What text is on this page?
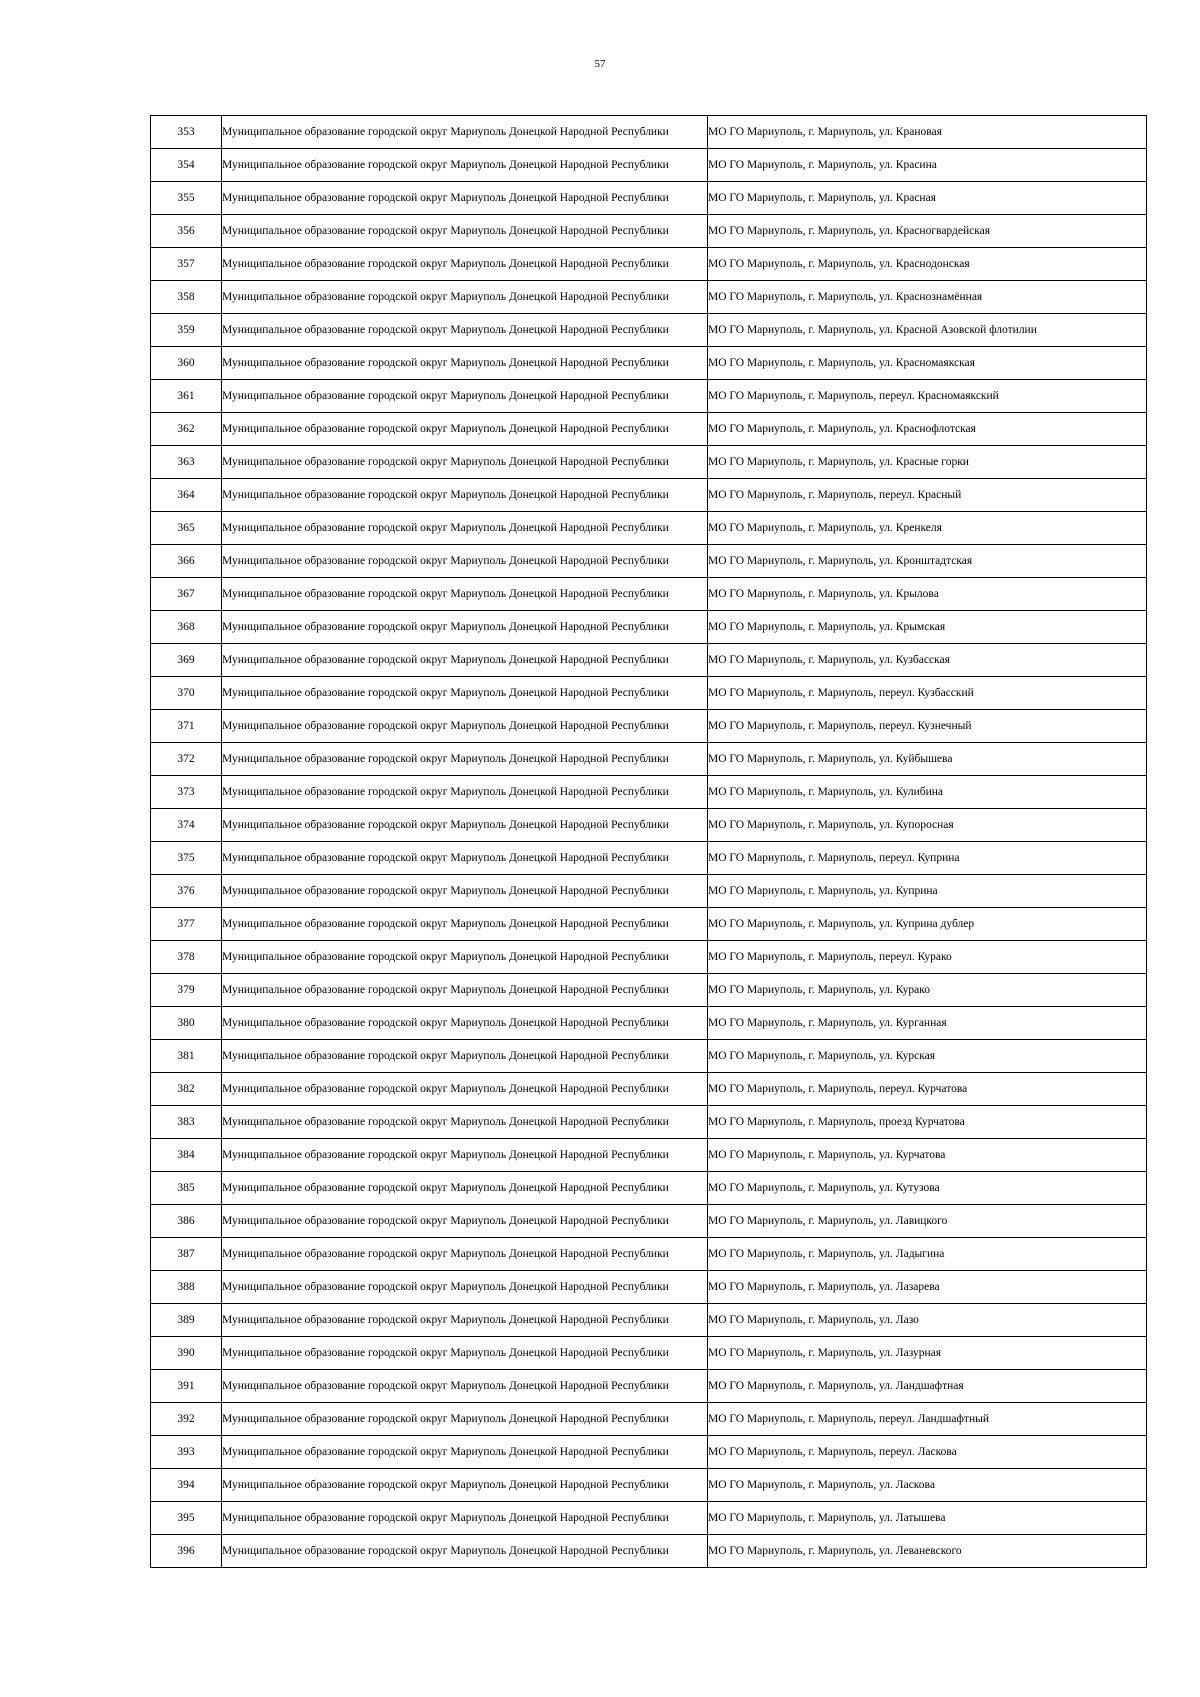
57
353	Муниципальное образование городской округ Мариуполь Донецкой Народной Республики	МО ГО Мариуполь, г. Мариуполь, ул. Крановая
354	Муниципальное образование городской округ Мариуполь Донецкой Народной Республики	МО ГО Мариуполь, г. Мариуполь, ул. Красина
355	Муниципальное образование городской округ Мариуполь Донецкой Народной Республики	МО ГО Мариуполь, г. Мариуполь, ул. Красная
356	Муниципальное образование городской округ Мариуполь Донецкой Народной Республики	МО ГО Мариуполь, г. Мариуполь, ул. Красногвардейская
357	Муниципальное образование городской округ Мариуполь Донецкой Народной Республики	МО ГО Мариуполь, г. Мариуполь, ул. Краснодонская
358	Муниципальное образование городской округ Мариуполь Донецкой Народной Республики	МО ГО Мариуполь, г. Мариуполь, ул. Краснознамённая
359	Муниципальное образование городской округ Мариуполь Донецкой Народной Республики	МО ГО Мариуполь, г. Мариуполь, ул. Красной Азовской флотилии
360	Муниципальное образование городской округ Мариуполь Донецкой Народной Республики	МО ГО Мариуполь, г. Мариуполь, ул. Красномаякская
361	Муниципальное образование городской округ Мариуполь Донецкой Народной Республики	МО ГО Мариуполь, г. Мариуполь, переул. Красномаякский
362	Муниципальное образование городской округ Мариуполь Донецкой Народной Республики	МО ГО Мариуполь, г. Мариуполь, ул. Краснофлотская
363	Муниципальное образование городской округ Мариуполь Донецкой Народной Республики	МО ГО Мариуполь, г. Мариуполь, ул. Красные горки
364	Муниципальное образование городской округ Мариуполь Донецкой Народной Республики	МО ГО Мариуполь, г. Мариуполь, переул. Красный
365	Муниципальное образование городской округ Мариуполь Донецкой Народной Республики	МО ГО Мариуполь, г. Мариуполь, ул. Кренкеля
366	Муниципальное образование городской округ Мариуполь Донецкой Народной Республики	МО ГО Мариуполь, г. Мариуполь, ул. Кронштадтская
367	Муниципальное образование городской округ Мариуполь Донецкой Народной Республики	МО ГО Мариуполь, г. Мариуполь, ул. Крылова
368	Муниципальное образование городской округ Мариуполь Донецкой Народной Республики	МО ГО Мариуполь, г. Мариуполь, ул. Крымская
369	Муниципальное образование городской округ Мариуполь Донецкой Народной Республики	МО ГО Мариуполь, г. Мариуполь, ул. Кузбасская
370	Муниципальное образование городской округ Мариуполь Донецкой Народной Республики	МО ГО Мариуполь, г. Мариуполь, переул. Кузбасский
371	Муниципальное образование городской округ Мариуполь Донецкой Народной Республики	МО ГО Мариуполь, г. Мариуполь, переул. Кузнечный
372	Муниципальное образование городской округ Мариуполь Донецкой Народной Республики	МО ГО Мариуполь, г. Мариуполь, ул. Куйбышева
373	Муниципальное образование городской округ Мариуполь Донецкой Народной Республики	МО ГО Мариуполь, г. Мариуполь, ул. Кулибина
374	Муниципальное образование городской округ Мариуполь Донецкой Народной Республики	МО ГО Мариуполь, г. Мариуполь, ул. Купоросная
375	Муниципальное образование городской округ Мариуполь Донецкой Народной Республики	МО ГО Мариуполь, г. Мариуполь, переул. Куприна
376	Муниципальное образование городской округ Мариуполь Донецкой Народной Республики	МО ГО Мариуполь, г. Мариуполь, ул. Куприна
377	Муниципальное образование городской округ Мариуполь Донецкой Народной Республики	МО ГО Мариуполь, г. Мариуполь, ул. Куприна дублер
378	Муниципальное образование городской округ Мариуполь Донецкой Народной Республики	МО ГО Мариуполь, г. Мариуполь, переул. Курако
379	Муниципальное образование городской округ Мариуполь Донецкой Народной Республики	МО ГО Мариуполь, г. Мариуполь, ул. Курако
380	Муниципальное образование городской округ Мариуполь Донецкой Народной Республики	МО ГО Мариуполь, г. Мариуполь, ул. Курганная
381	Муниципальное образование городской округ Мариуполь Донецкой Народной Республики	МО ГО Мариуполь, г. Мариуполь, ул. Курская
382	Муниципальное образование городской округ Мариуполь Донецкой Народной Республики	МО ГО Мариуполь, г. Мариуполь, переул. Курчатова
383	Муниципальное образование городской округ Мариуполь Донецкой Народной Республики	МО ГО Мариуполь, г. Мариуполь, проезд Курчатова
384	Муниципальное образование городской округ Мариуполь Донецкой Народной Республики	МО ГО Мариуполь, г. Мариуполь, ул. Курчатова
385	Муниципальное образование городской округ Мариуполь Донецкой Народной Республики	МО ГО Мариуполь, г. Мариуполь, ул. Кутузова
386	Муниципальное образование городской округ Мариуполь Донецкой Народной Республики	МО ГО Мариуполь, г. Мариуполь, ул. Лавицкого
387	Муниципальное образование городской округ Мариуполь Донецкой Народной Республики	МО ГО Мариуполь, г. Мариуполь, ул. Ладыгина
388	Муниципальное образование городской округ Мариуполь Донецкой Народной Республики	МО ГО Мариуполь, г. Мариуполь, ул. Лазарева
389	Муниципальное образование городской округ Мариуполь Донецкой Народной Республики	МО ГО Мариуполь, г. Мариуполь, ул. Лазо
390	Муниципальное образование городской округ Мариуполь Донецкой Народной Республики	МО ГО Мариуполь, г. Мариуполь, ул. Лазурная
391	Муниципальное образование городской округ Мариуполь Донецкой Народной Республики	МО ГО Мариуполь, г. Мариуполь, ул. Ландшафтная
392	Муниципальное образование городской округ Мариуполь Донецкой Народной Республики	МО ГО Мариуполь, г. Мариуполь, переул. Ландшафтный
393	Муниципальное образование городской округ Мариуполь Донецкой Народной Республики	МО ГО Мариуполь, г. Мариуполь, переул. Ласкова
394	Муниципальное образование городской округ Мариуполь Донецкой Народной Республики	МО ГО Мариуполь, г. Мариуполь, ул. Ласкова
395	Муниципальное образование городской округ Мариуполь Донецкой Народной Республики	МО ГО Мариуполь, г. Мариуполь, ул. Латышева
396	Муниципальное образование городской округ Мариуполь Донецкой Народной Республики	МО ГО Мариуполь, г. Мариуполь, ул. Леваневского
